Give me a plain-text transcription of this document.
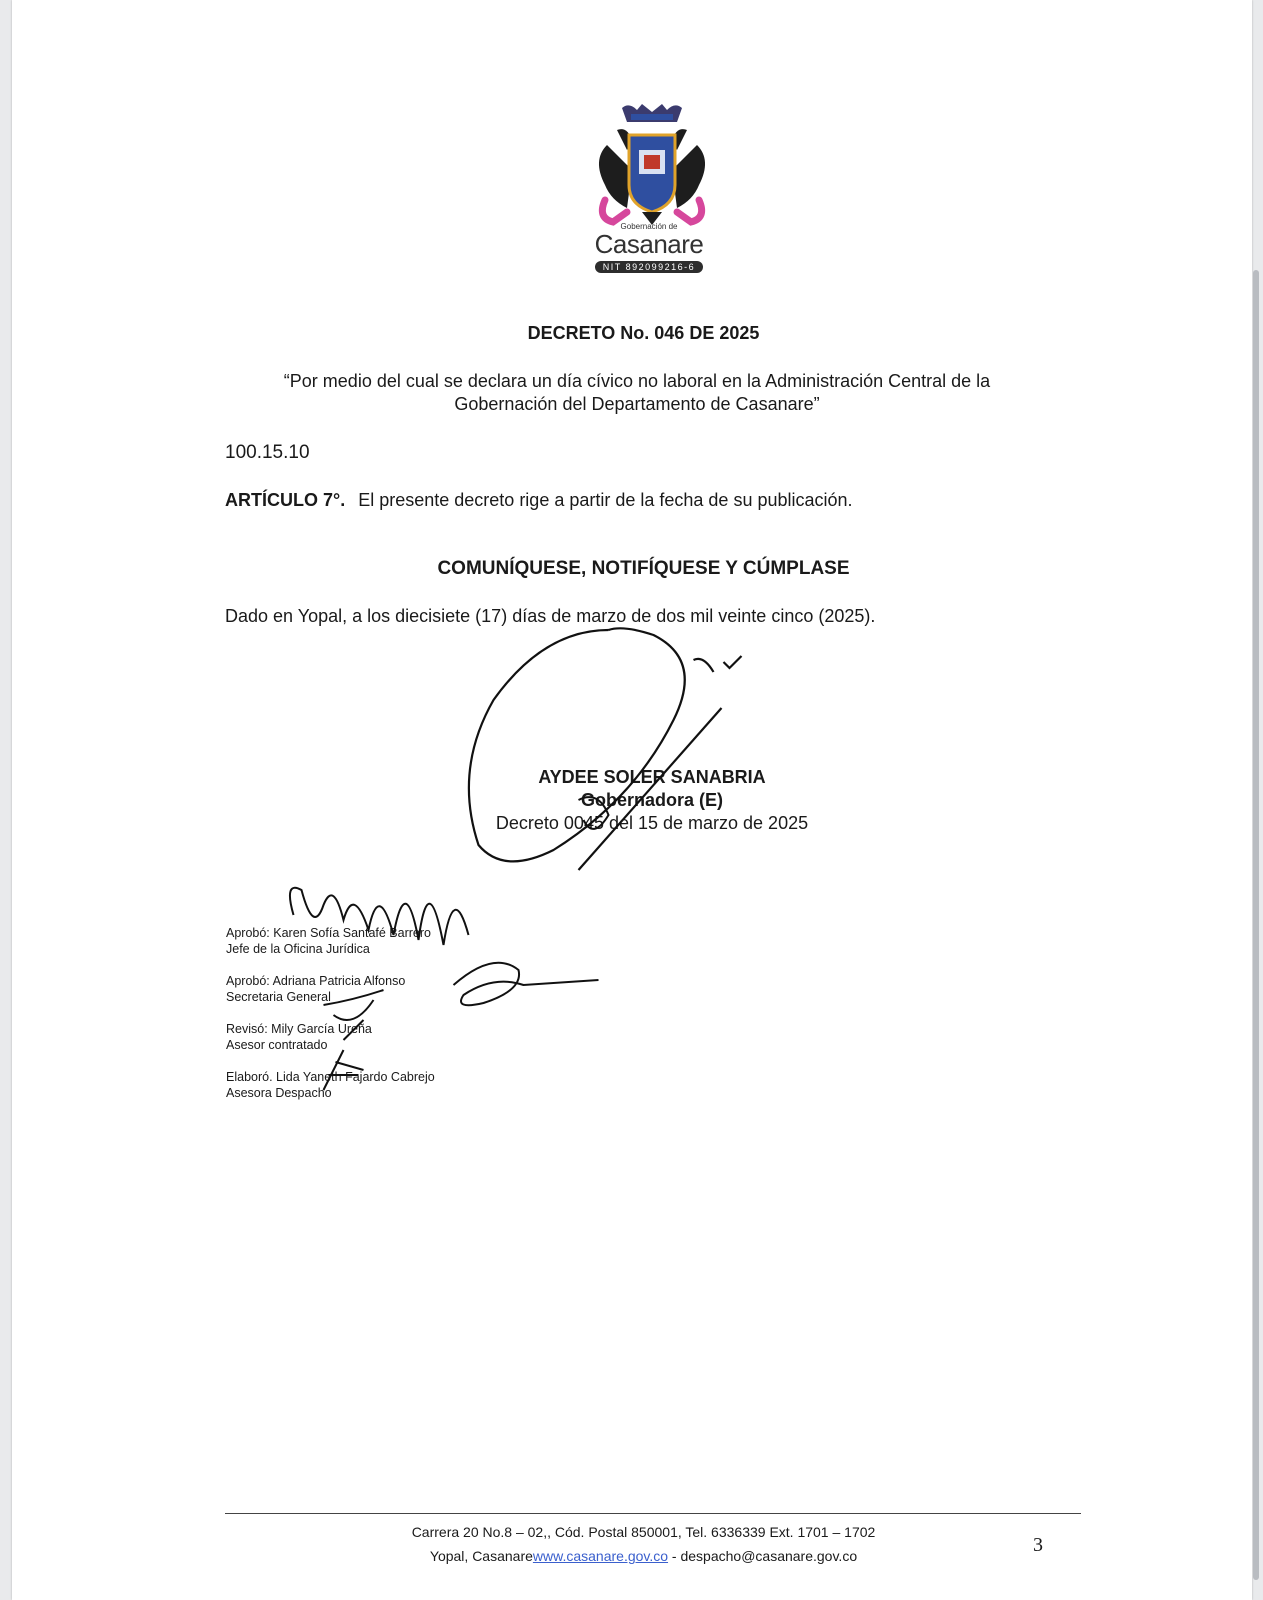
Gobernación de
Casanare
NIT 892099216-6
DECRETO No. 046 DE 2025
“Por medio del cual se declara un día cívico no laboral en la Administración Central de la
Gobernación del Departamento de Casanare”
100.15.10
ARTÍCULO 7°. El presente decreto rige a partir de la fecha de su publicación.
COMUNÍQUESE, NOTIFÍQUESE Y CÚMPLASE
Dado en Yopal, a los diecisiete (17) días de marzo de dos mil veinte cinco (2025).
AYDEE SOLER SANABRIA
Gobernadora (E)
Decreto 0045 del 15 de marzo de 2025
Aprobó: Karen Sofía Santafé Barrero
Jefe de la Oficina Jurídica
Aprobó: Adriana Patricia Alfonso
Secretaria General
Revisó: Mily García Ureña
Asesor contratado
Elaboró. Lida Yaneth Fajardo Cabrejo
Asesora Despacho
Carrera 20 No.8 – 02,, Cód. Postal 850001, Tel. 6336339 Ext. 1701 – 1702
Yopal, Casanarewww.casanare.gov.co - despacho@casanare.gov.co	3
